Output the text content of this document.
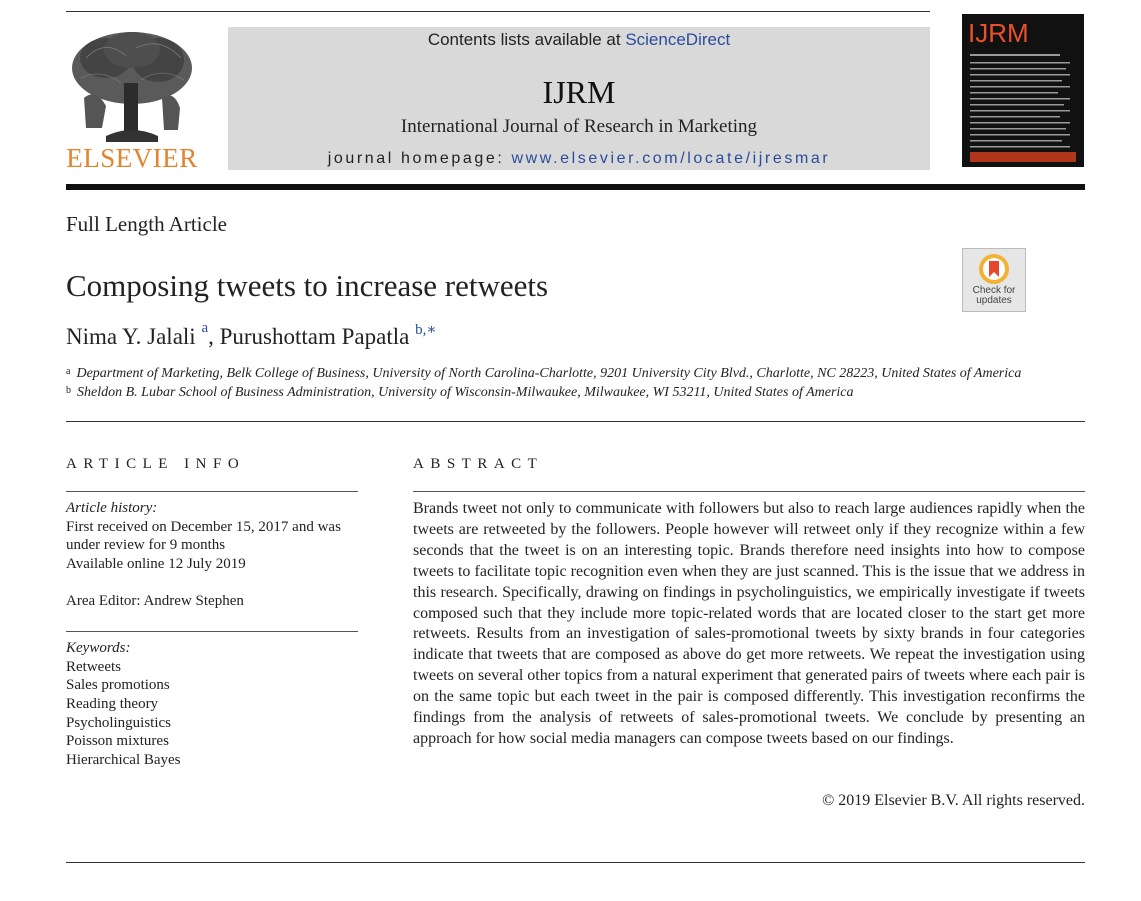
ELSEVIER
Contents lists available at ScienceDirect
IJRM
International Journal of Research in Marketing
journal homepage: www.elsevier.com/locate/ijresmar
IJRM
Full Length Article
Composing tweets to increase retweets
Nima Y. Jalali $^a$, Purushottam Papatla $^{b,∗}$
Check for
updates
$^a$ Department of Marketing, Belk College of Business, University of North Carolina-Charlotte, 9201 University City Blvd., Charlotte, NC 28223, United States of America
$^b$ Sheldon B. Lubar School of Business Administration, University of Wisconsin-Milwaukee, Milwaukee, WI 53211, United States of America
ARTICLE INFO
Article history:
First received on December 15, 2017 and was
under review for 9 months
Available online 12 July 2019
Area Editor: Andrew Stephen
Keywords:
Retweets
Sales promotions
Reading theory
Psycholinguistics
Poisson mixtures
Hierarchical Bayes
ABSTRACT
Brands tweet not only to communicate with followers but also to reach large audiences rapidly when the tweets are retweeted by the followers. People however will retweet only if they recognize within a few seconds that the tweet is on an interesting topic. Brands therefore need insights into how to compose tweets to facilitate topic recognition even when they are just scanned. This is the issue that we address in this research. Specifically, drawing on findings in psycholinguistics, we empirically investigate if tweets composed such that they include more topic-related words that are located closer to the start get more retweets. Results from an investigation of sales-promotional tweets by sixty brands in four categories indicate that tweets that are composed as above do get more retweets. We repeat the investigation using tweets on several other topics from a natural experiment that generated pairs of tweets where each pair is on the same topic but each tweet in the pair is composed differently. This investigation reconfirms the findings from the analysis of retweets of sales-promotional tweets. We conclude by presenting an approach for how social media managers can compose tweets based on our findings.
© 2019 Elsevier B.V. All rights reserved.
